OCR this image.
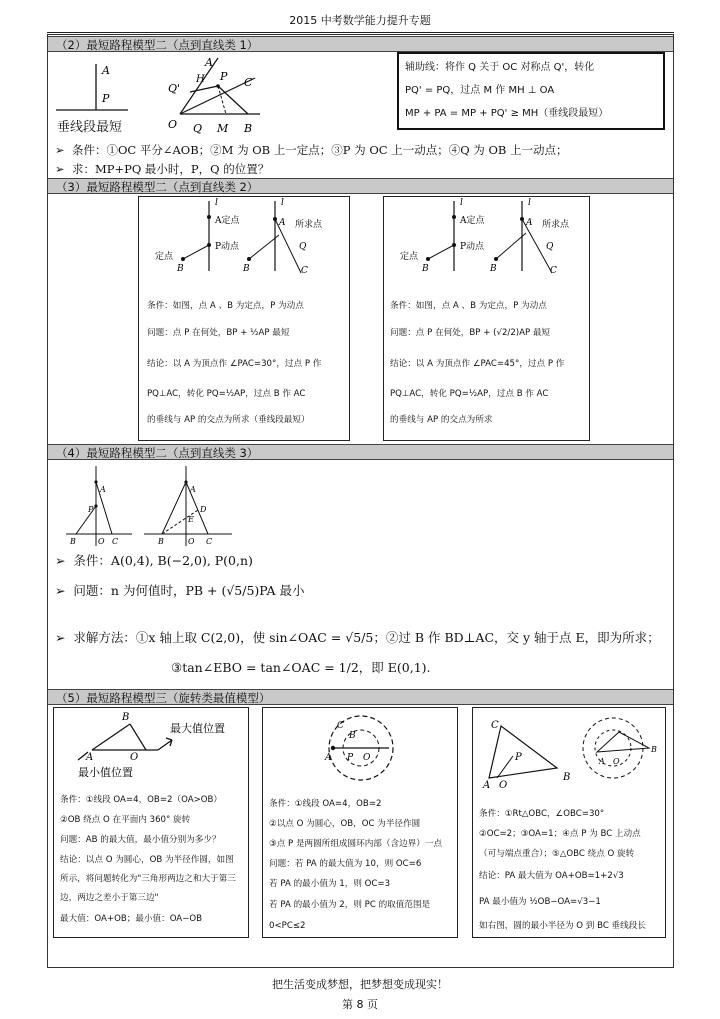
2015 中考数学能力提升专题
（2）最短路程模型二（点到直线类 1）
A
P
垂线段最短
A
H P C
Q'
O Q M B
辅助线：将作 Q 关于 OC 对称点 Q'，转化
PQ' = PQ，过点 M 作 MH ⊥ OA
MP + PA = MP + PQ' ≥ MH（垂线段最短）
➢  条件：①OC 平分∠AOB；②M 为 OB 上一定点；③P 为 OC 上一动点；④Q 为 OB 上一动点；
➢  求：MP+PQ 最小时，P，Q 的位置？
（3）最短路程模型二（点到直线类 2）
l
A定点
P动点
定点
B
l
A 所求点
Q
C
B
条件：如图，点 A 、B 为定点，P 为动点
问题：点 P 在何处，BP + ½AP 最短
结论：以 A 为顶点作 ∠PAC=30°，过点 P 作
PQ⊥AC，转化 PQ=½AP，过点 B 作 AC
的垂线与 AP 的交点为所求（垂线段最短）
l
A定点
P动点
定点
B
l
A 所求点
Q
C
B
条件：如图，点 A 、B 为定点，P 为动点
问题：点 P 在何处，BP + (√2/2)AP 最短
结论：以 A 为顶点作 ∠PAC=45°，过点 P 作
PQ⊥AC，转化 PQ=½AP，过点 B 作 AC
的垂线与 AP 的交点为所求
（4）最短路程模型二（点到直线类 3）
A
P
B	O C
A
D
E
B	O C
➢  条件：A(0,4), B(−2,0), P(0,n)
➢  问题：n 为何值时，PB + (√5/5)PA 最小
➢  求解方法：①x 轴上取 C(2,0)，使 sin∠OAC = √5/5；②过 B 作 BD⊥AC，交 y 轴于点 E，即为所求；
③tan∠EBO = tan∠OAC = 1/2，即 E(0,1).
（5）最短路程模型三（旋转类最值模型）
B
A	O
最大值位置
最小值位置
条件：①线段 OA=4，OB=2（OA>OB）
②OB 绕点 O 在平面内 360° 旋转
问题：AB 的最大值，最小值分别为多少？
结论：以点 O 为圆心，OB 为半径作圆，如图
所示，将问题转化为"三角形两边之和大于第三
边，两边之差小于第三边"
最大值：OA+OB；最小值：OA−OB
C
B
P
A	O
条件：①线段 OA=4，OB=2
②以点 O 为圆心，OB，OC 为半径作圆
③点 P 是两圆所组成圆环内部（含边界）一点
问题：若 PA 的最大值为 10，则 OC=6
若 PA 的最小值为 1，则 OC=3
若 PA 的最小值为 2，则 PC 的取值范围是
0<PC≤2
C
A O
P
B
B
A O
条件：①Rt△OBC，∠OBC=30°
②OC=2；③OA=1；④点 P 为 BC 上动点
（可与端点重合）；⑤△OBC 绕点 O 旋转
结论：PA 最大值为 OA+OB=1+2√3
PA 最小值为 ½OB−OA=√3−1
如右图，圆的最小半径为 O 到 BC 垂线段长
把生活变成梦想，把梦想变成现实！
第 8 页
